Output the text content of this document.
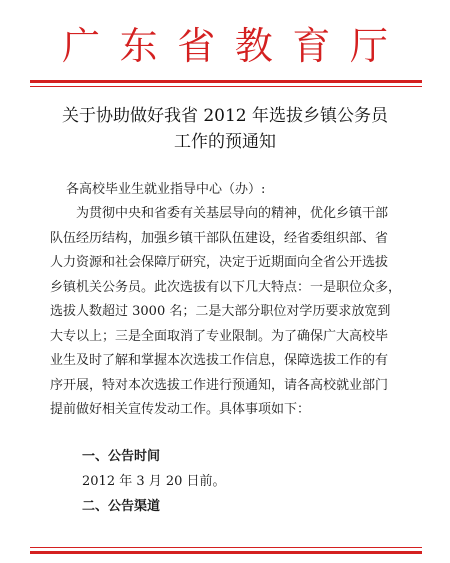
广 东 省 教 育 厅
关于协助做好我省 2012 年选拔乡镇公务员
工作的预通知
各高校毕业生就业指导中心（办）:
为贯彻中央和省委有关基层导向的精神，优化乡镇干部
队伍经历结构，加强乡镇干部队伍建设，经省委组织部、省
人力资源和社会保障厅研究，决定于近期面向全省公开选拔
乡镇机关公务员。此次选拔有以下几大特点：一是职位众多，
选拔人数超过 3000 名；二是大部分职位对学历要求放宽到
大专以上；三是全面取消了专业限制。为了确保广大高校毕
业生及时了解和掌握本次选拔工作信息，保障选拔工作的有
序开展，特对本次选拔工作进行预通知，请各高校就业部门
提前做好相关宣传发动工作。具体事项如下：
一、公告时间
2012 年 3 月 20 日前。
二、公告渠道
